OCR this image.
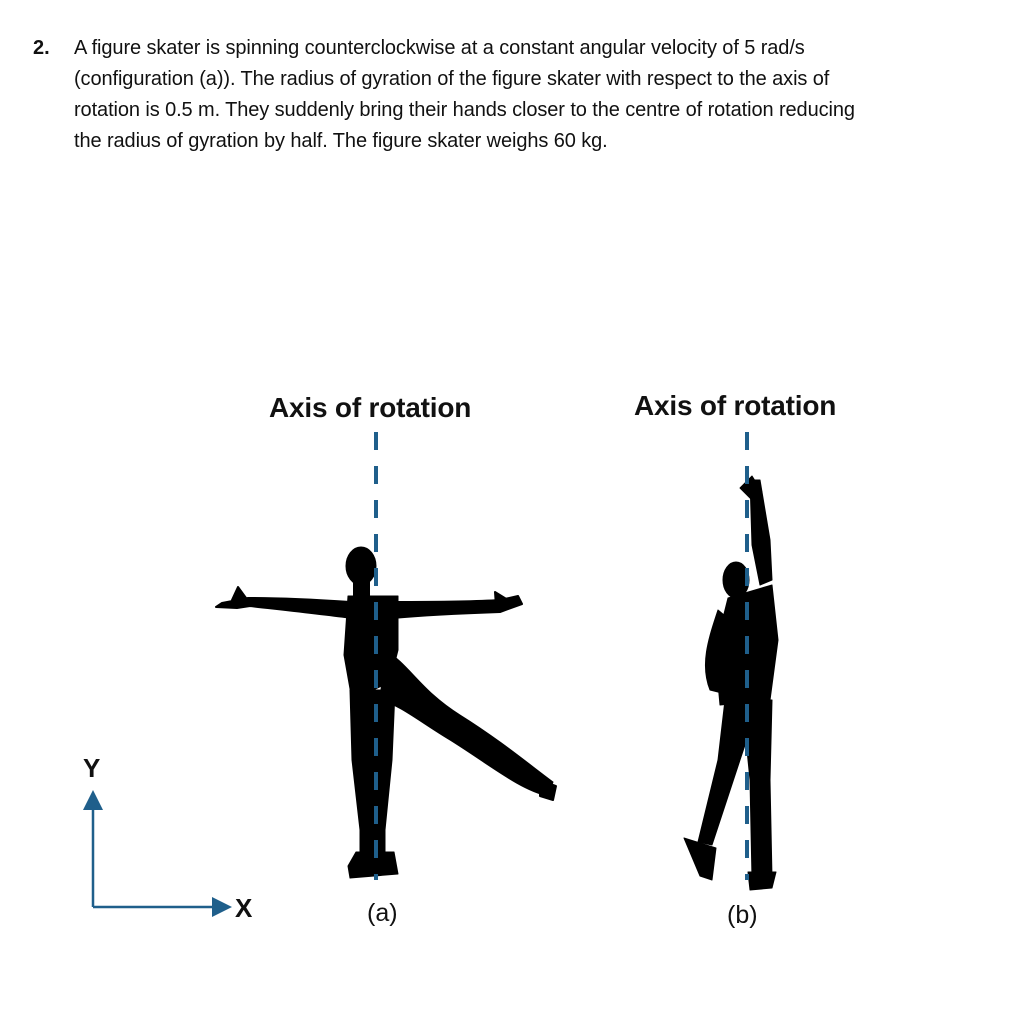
2. A figure skater is spinning counterclockwise at a constant angular velocity of 5 rad/s
(configuration (a)). The radius of gyration of the figure skater with respect to the axis of
rotation is 0.5 m. They suddenly bring their hands closer to the centre of rotation reducing
the radius of gyration by half. The figure skater weighs 60 kg.
Axis of rotation	Axis of rotation
Y
X	(a)	(b)
